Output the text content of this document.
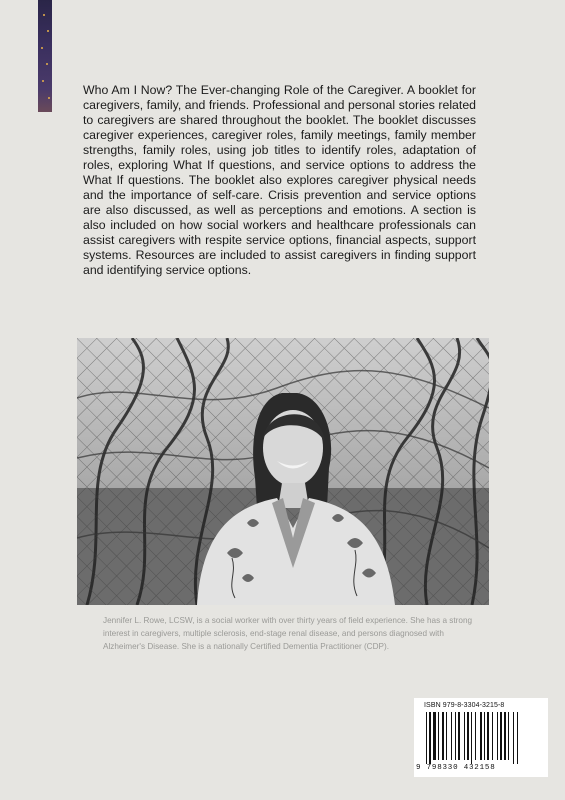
Who Am I Now? The Ever-changing Role of the Caregiver. A booklet for caregivers, family, and friends. Professional and personal stories related to caregivers are shared throughout the booklet. The booklet discusses caregiver experiences, caregiver roles, family meetings, family member strengths, family roles, using job titles to identify roles, adaptation of roles, exploring What If questions, and service options to address the What If questions. The booklet also explores caregiver physical needs and the importance of self-care. Crisis prevention and service options are also discussed, as well as perceptions and emotions. A section is also included on how social workers and healthcare professionals can assist caregivers with respite service options, financial aspects, support systems. Resources are included to assist caregivers in finding support and identifying service options.

Jennifer L. Rowe, LCSW, is a social worker with over thirty years of field experience. She has a strong interest in caregivers, multiple sclerosis, end-stage renal disease, and persons diagnosed with Alzheimer's Disease. She is a nationally Certified Dementia Practitioner (CDP).

ISBN 979-8-3304-3215-8
9 798330 432158
